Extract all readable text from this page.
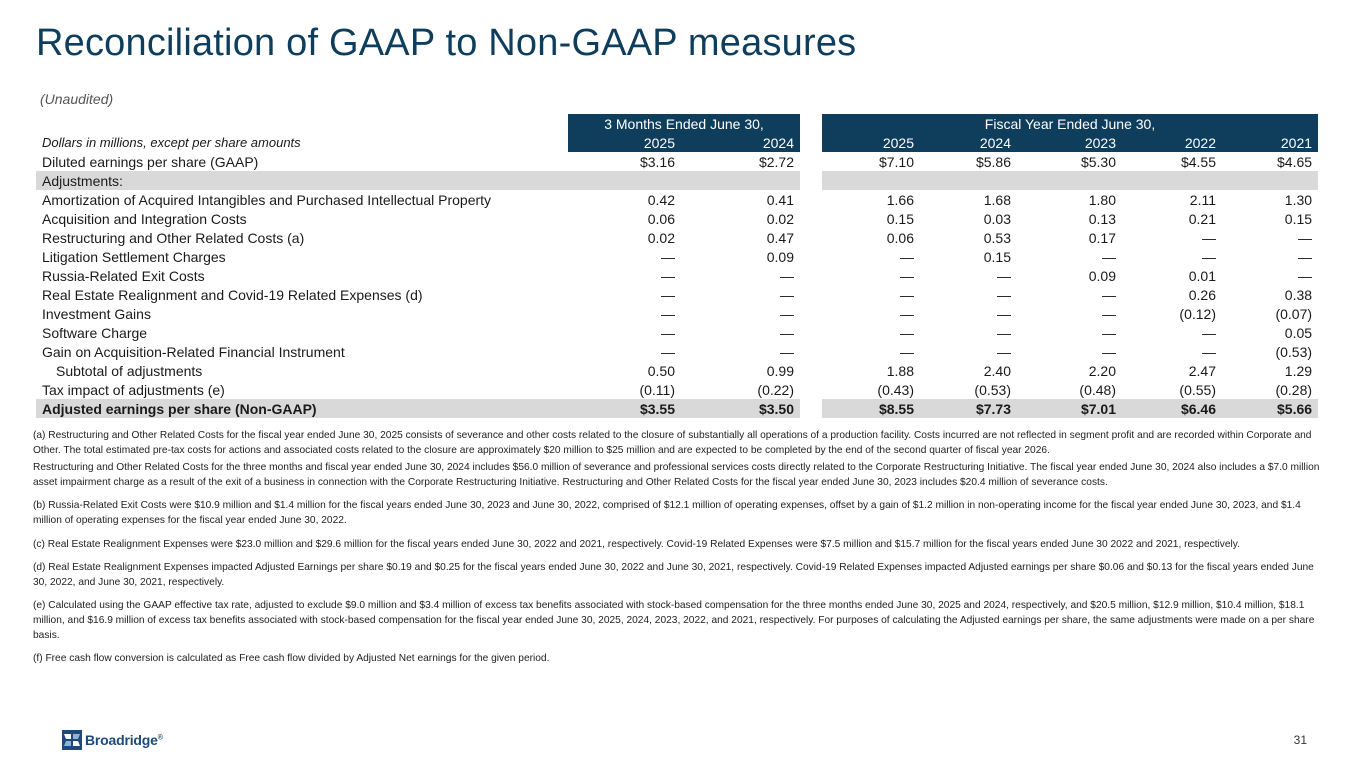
Reconciliation of GAAP to Non-GAAP measures
(Unaudited)
	3 Months Ended June 30,			Fiscal Year Ended June 30,				
Dollars in millions, except per share amounts	2025	2024		2025	2024	2023	2022	2021
Diluted earnings per share (GAAP)	$3.16	$2.72		$7.10	$5.86	$5.30	$4.55	$4.65
Adjustments:								
Amortization of Acquired Intangibles and Purchased Intellectual Property	0.42	0.41		1.66	1.68	1.80	2.11	1.30
Acquisition and Integration Costs	0.06	0.02		0.15	0.03	0.13	0.21	0.15
Restructuring and Other Related Costs (a)	0.02	0.47		0.06	0.53	0.17	—	—
Litigation Settlement Charges	—	0.09		—	0.15	—	—	—
Russia-Related Exit Costs	—	—		—	—	0.09	0.01	—
Real Estate Realignment and Covid-19 Related Expenses (d)	—	—		—	—	—	0.26	0.38
Investment Gains	—	—		—	—	—	(0.12)	(0.07)
Software Charge	—	—		—	—	—	—	0.05
Gain on Acquisition-Related Financial Instrument	—	—		—	—	—	—	(0.53)
Subtotal of adjustments	0.50	0.99		1.88	2.40	2.20	2.47	1.29
Tax impact of adjustments (e)	(0.11)	(0.22)		(0.43)	(0.53)	(0.48)	(0.55)	(0.28)
Adjusted earnings per share (Non-GAAP)	$3.55	$3.50		$8.55	$7.73	$7.01	$6.46	$5.66

(a) Restructuring and Other Related Costs for the fiscal year ended June 30, 2025 consists of severance and other costs related to the closure of substantially all operations of a production facility. Costs incurred are not reflected in segment profit and are recorded within Corporate and Other. The total estimated pre-tax costs for actions and associated costs related to the closure are approximately $20 million to $25 million and are expected to be completed by the end of the second quarter of fiscal year 2026.

Restructuring and Other Related Costs for the three months and fiscal year ended June 30, 2024 includes $56.0 million of severance and professional services costs directly related to the Corporate Restructuring Initiative. The fiscal year ended June 30, 2024 also includes a $7.0 million asset impairment charge as a result of the exit of a business in connection with the Corporate Restructuring Initiative. Restructuring and Other Related Costs for the fiscal year ended June 30, 2023 includes $20.4 million of severance costs.

(b) Russia-Related Exit Costs were $10.9 million and $1.4 million for the fiscal years ended June 30, 2023 and June 30, 2022, comprised of $12.1 million of operating expenses, offset by a gain of $1.2 million in non-operating income for the fiscal year ended June 30, 2023, and $1.4 million of operating expenses for the fiscal year ended June 30, 2022.

(c) Real Estate Realignment Expenses were $23.0 million and $29.6 million for the fiscal years ended June 30, 2022 and 2021, respectively. Covid-19 Related Expenses were $7.5 million and $15.7 million for the fiscal years ended June 30 2022 and 2021, respectively.

(d) Real Estate Realignment Expenses impacted Adjusted Earnings per share $0.19 and $0.25 for the fiscal years ended June 30, 2022 and June 30, 2021, respectively. Covid-19 Related Expenses impacted Adjusted earnings per share $0.06 and $0.13 for the fiscal years ended June 30, 2022, and June 30, 2021, respectively.

(e) Calculated using the GAAP effective tax rate, adjusted to exclude $9.0 million and $3.4 million of excess tax benefits associated with stock-based compensation for the three months ended June 30, 2025 and 2024, respectively, and $20.5 million, $12.9 million, $10.4 million, $18.1 million, and $16.9 million of excess tax benefits associated with stock-based compensation for the fiscal year ended June 30, 2025, 2024, 2023, 2022, and 2021, respectively. For purposes of calculating the Adjusted earnings per share, the same adjustments were made on a per share basis.

(f) Free cash flow conversion is calculated as Free cash flow divided by Adjusted Net earnings for the given period.

Broadridge®	31
